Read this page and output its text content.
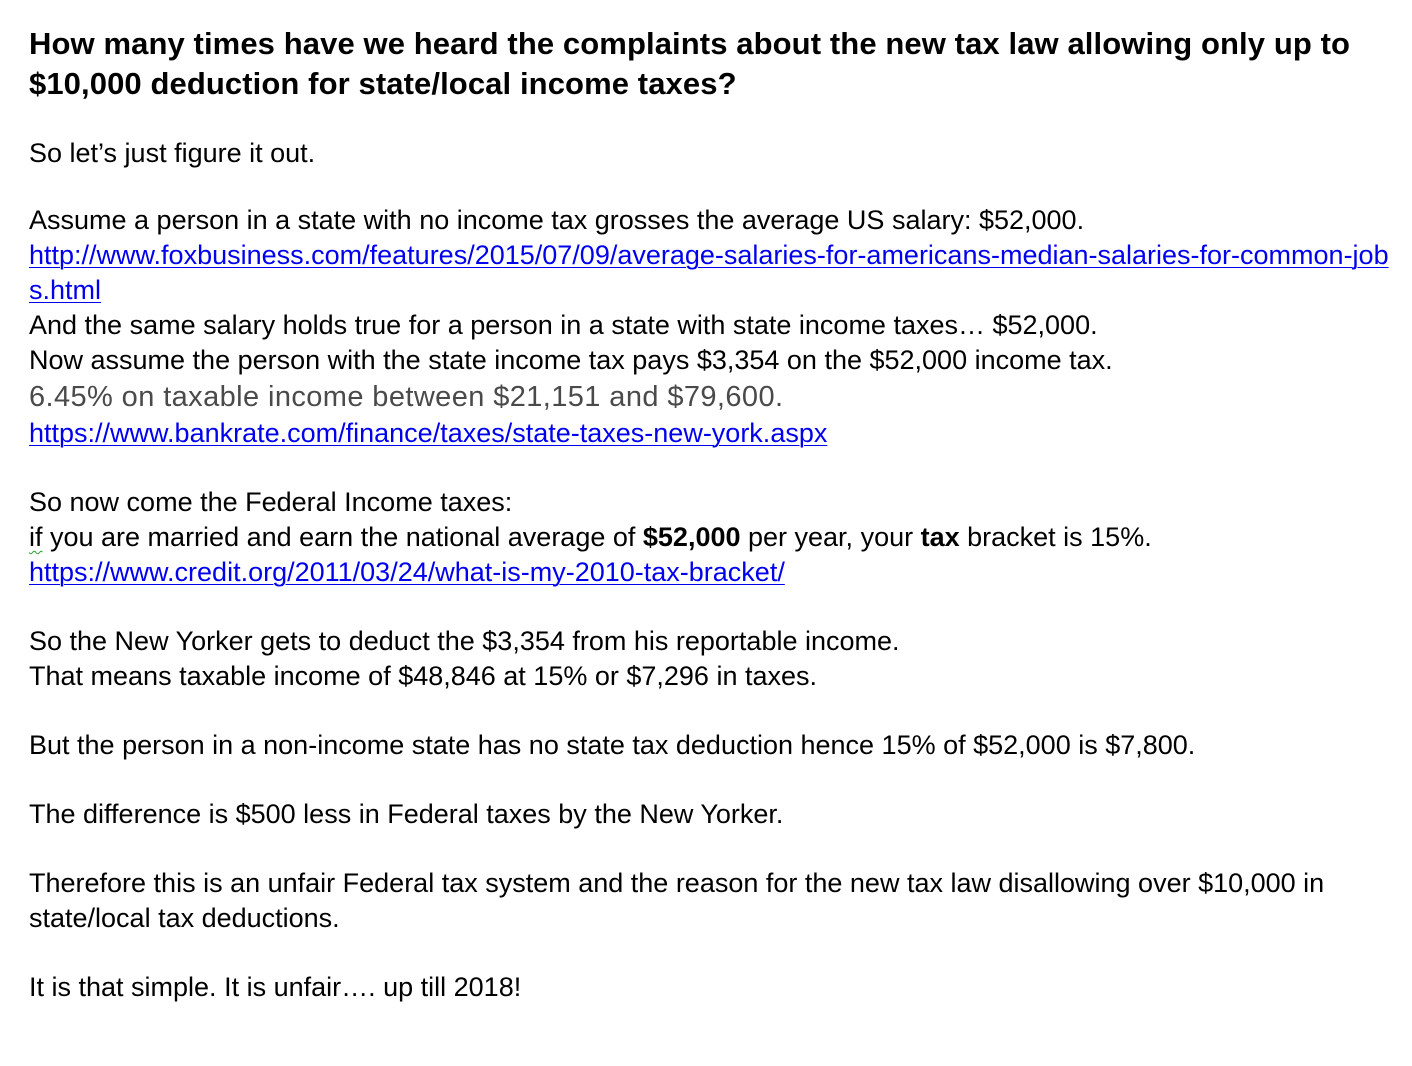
How many times have we heard the complaints about the new tax law allowing only up to $10,000 deduction for state/local income taxes?

So let’s just figure it out.

Assume a person in a state with no income tax grosses the average US salary: $52,000.

http://www.foxbusiness.com/features/2015/07/09/average-salaries-for-americans-median-salaries-for-common-jobs.html

And the same salary holds true for a person in a state with state income taxes… $52,000.

Now assume the person with the state income tax pays $3,354 on the $52,000 income tax.

6.45% on taxable income between $21,151 and $79,600.

https://www.bankrate.com/finance/taxes/state-taxes-new-york.aspx

So now come the Federal Income taxes:

if you are married and earn the national average of $52,000 per year, your tax bracket is 15%.

https://www.credit.org/2011/03/24/what-is-my-2010-tax-bracket/

So the New Yorker gets to deduct the $3,354 from his reportable income.

That means taxable income of $48,846 at 15% or $7,296 in taxes.

But the person in a non-income state has no state tax deduction hence 15% of $52,000 is $7,800.

The difference is $500 less in Federal taxes by the New Yorker.

Therefore this is an unfair Federal tax system and the reason for the new tax law disallowing over $10,000 in state/local tax deductions.

It is that simple. It is unfair…. up till 2018!
